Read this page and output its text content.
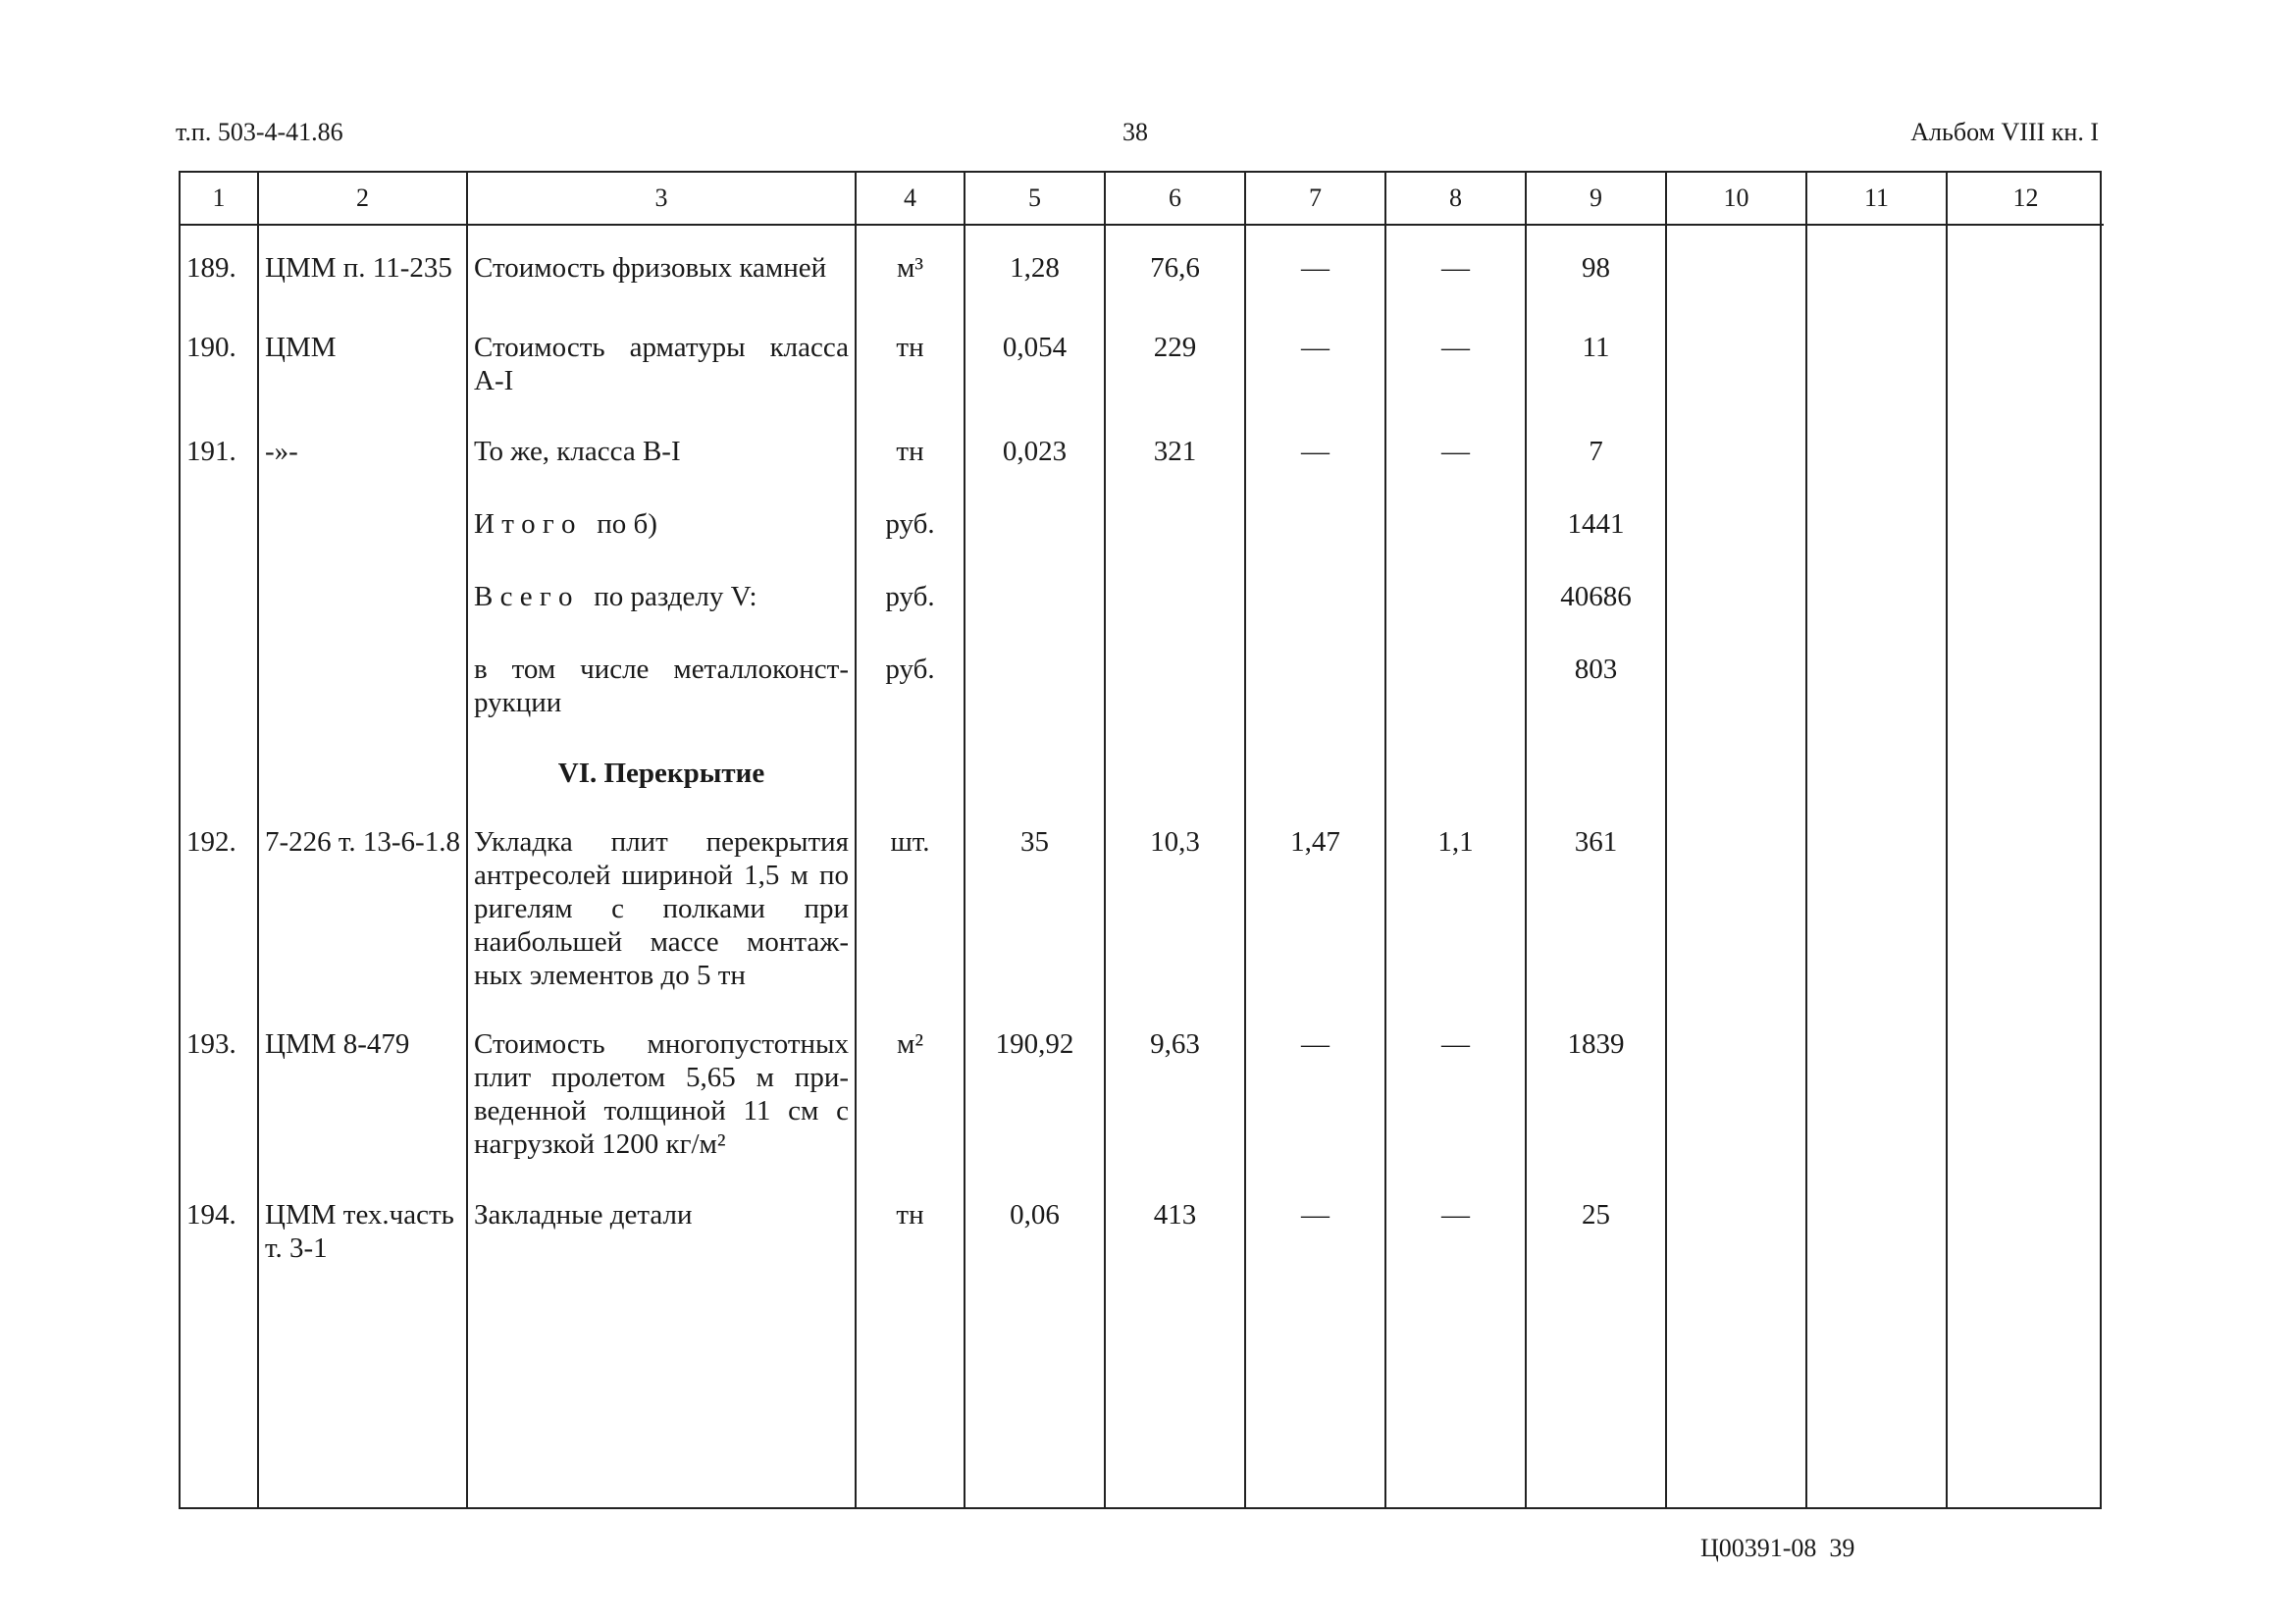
т.п. 503-4-41.86	38	Альбом VIII кн. I
1	2	3	4	5	6	7	8	9	10	11	12
189.	ЦММ п. 11-235	Стоимость фризовых камней	м³	1,28	76,6	—	—	98			
190.	ЦММ	Стоимость арматуры класса А-I	тн	0,054	229	—	—	11			
191.	-»-	То же, класса В-I	тн	0,023	321	—	—	7			
		И т о г о   по б)	руб.					1441			
		В с е г о   по разделу V:	руб.					40686			
		в том числе металлоконст-рукции	руб.					803			
		VI. Перекрытие									
192.	7-226 т. 13-6-1.8	Укладка плит перекрытия антресолей шириной 1,5 м по ригелям с полками при наибольшей массе монтаж-ных элементов до 5 тн	шт.	35	10,3	1,47	1,1	361			
193.	ЦММ 8-479	Стоимость многопустотных плит пролетом 5,65 м при-веденной толщиной 11 см с нагрузкой 1200 кг/м²	м²	190,92	9,63	—	—	1839			
194.	ЦММ тех.часть т. 3-1	Закладные детали	тн	0,06	413	—	—	25			
Ц00391-08  39
